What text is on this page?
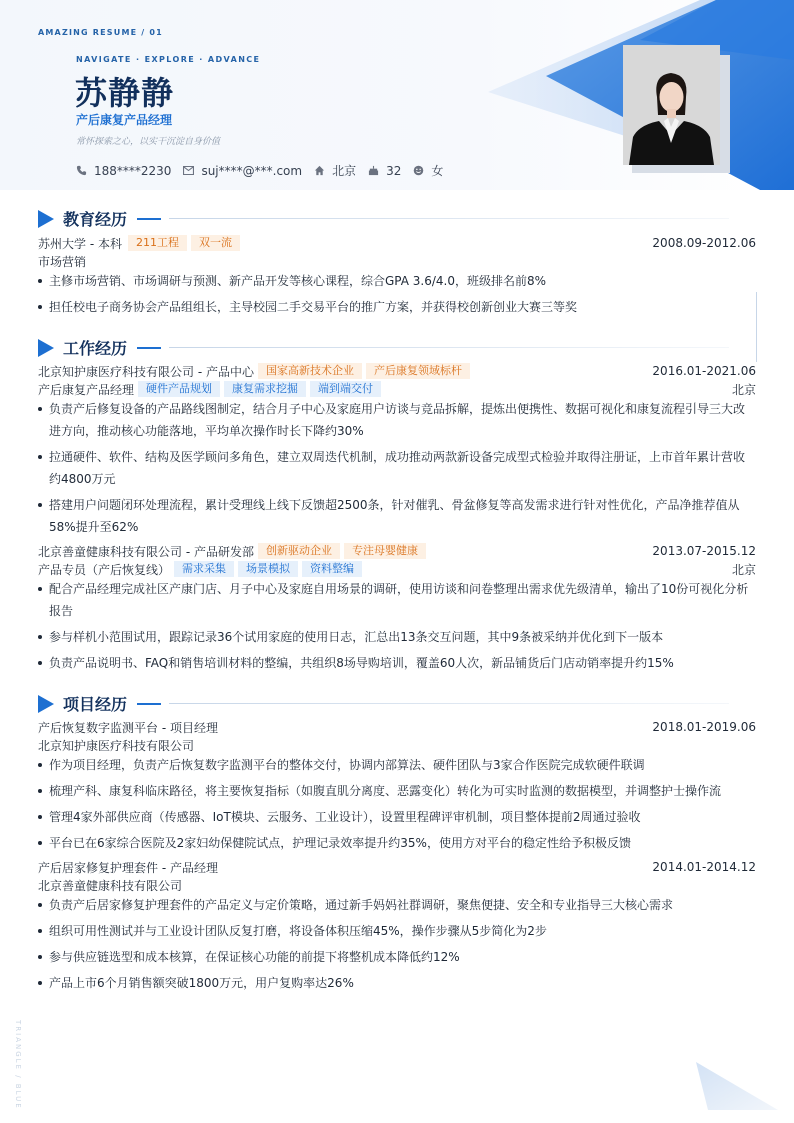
AMAZING RESUME / 01
NAVIGATE · EXPLORE · ADVANCE
苏静静
产后康复产品经理
常怀探索之心，以实干沉淀自身价值
188****2230	suj****@***.com	北京	32	女
教育经历
苏州大学 - 本科	211工程	双一流	2008.09-2012.06
市场营销
主修市场营销、市场调研与预测、新产品开发等核心课程，综合GPA 3.6/4.0，班级排名前8%
担任校电子商务协会产品组组长，主导校园二手交易平台的推广方案，并获得校创新创业大赛三等奖
工作经历
北京知护康医疗科技有限公司 - 产品中心	国家高新技术企业	产后康复领域标杆	2016.01-2021.06
产后康复产品经理	硬件产品规划	康复需求挖掘	端到端交付	北京
负责产后修复设备的产品路线图制定，结合月子中心及家庭用户访谈与竞品拆解，提炼出便携性、数据可视化和康复流程引导三大改进方向，推动核心功能落地，平均单次操作时长下降约30%
拉通硬件、软件、结构及医学顾问多角色，建立双周迭代机制，成功推动两款新设备完成型式检验并取得注册证，上市首年累计营收约4800万元
搭建用户问题闭环处理流程，累计受理线上线下反馈超2500条，针对催乳、骨盆修复等高发需求进行针对性优化，产品净推荐值从58%提升至62%
北京善童健康科技有限公司 - 产品研发部	创新驱动企业	专注母婴健康	2013.07-2015.12
产品专员（产后恢复线）	需求采集	场景模拟	资料整编	北京
配合产品经理完成社区产康门店、月子中心及家庭自用场景的调研，使用访谈和问卷整理出需求优先级清单，输出了10份可视化分析报告
参与样机小范围试用，跟踪记录36个试用家庭的使用日志，汇总出13条交互问题，其中9条被采纳并优化到下一版本
负责产品说明书、FAQ和销售培训材料的整编，共组织8场导购培训，覆盖60人次，新品铺货后门店动销率提升约15%
项目经历
产后恢复数字监测平台 - 项目经理	2018.01-2019.06
北京知护康医疗科技有限公司
作为项目经理，负责产后恢复数字监测平台的整体交付，协调内部算法、硬件团队与3家合作医院完成软硬件联调
梳理产科、康复科临床路径，将主要恢复指标（如腹直肌分离度、恶露变化）转化为可实时监测的数据模型，并调整护士操作流
管理4家外部供应商（传感器、IoT模块、云服务、工业设计），设置里程碑评审机制，项目整体提前2周通过验收
平台已在6家综合医院及2家妇幼保健院试点，护理记录效率提升约35%，使用方对平台的稳定性给予积极反馈
产后居家修复护理套件 - 产品经理	2014.01-2014.12
北京善童健康科技有限公司
负责产后居家修复护理套件的产品定义与定价策略，通过新手妈妈社群调研，聚焦便捷、安全和专业指导三大核心需求
组织可用性测试并与工业设计团队反复打磨，将设备体积压缩45%，操作步骤从5步简化为2步
参与供应链选型和成本核算，在保证核心功能的前提下将整机成本降低约12%
产品上市6个月销售额突破1800万元，用户复购率达26%
TRIANGLE / BLUE
